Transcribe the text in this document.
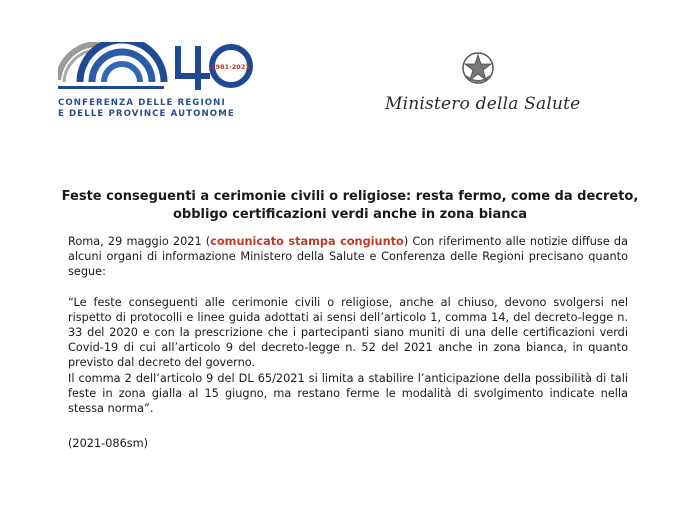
1981-2021
CONFERENZA DELLE REGIONI
E DELLE PROVINCE AUTONOME	Ministero della Salute
Feste conseguenti a cerimonie civili o religiose: resta fermo, come da decreto, obbligo certificazioni verdi anche in zona bianca

Roma, 29 maggio 2021 (comunicato stampa congiunto) Con riferimento alle notizie diffuse da alcuni organi di informazione Ministero della Salute e Conferenza delle Regioni precisano quanto segue:

“Le feste conseguenti alle cerimonie civili o religiose, anche al chiuso, devono svolgersi nel rispetto di protocolli e linee guida adottati ai sensi dell’articolo 1, comma 14, del decreto-legge n. 33 del 2020 e con la prescrizione che i partecipanti siano muniti di una delle certificazioni verdi Covid-19 di cui all’articolo 9 del decreto-legge n. 52 del 2021 anche in zona bianca, in quanto previsto dal decreto del governo.

Il comma 2 dell’articolo 9 del DL 65/2021 si limita a stabilire l’anticipazione della possibilità di tali feste in zona gialla al 15 giugno, ma restano ferme le modalità di svolgimento indicate nella stessa norma”.

(2021-086sm)
